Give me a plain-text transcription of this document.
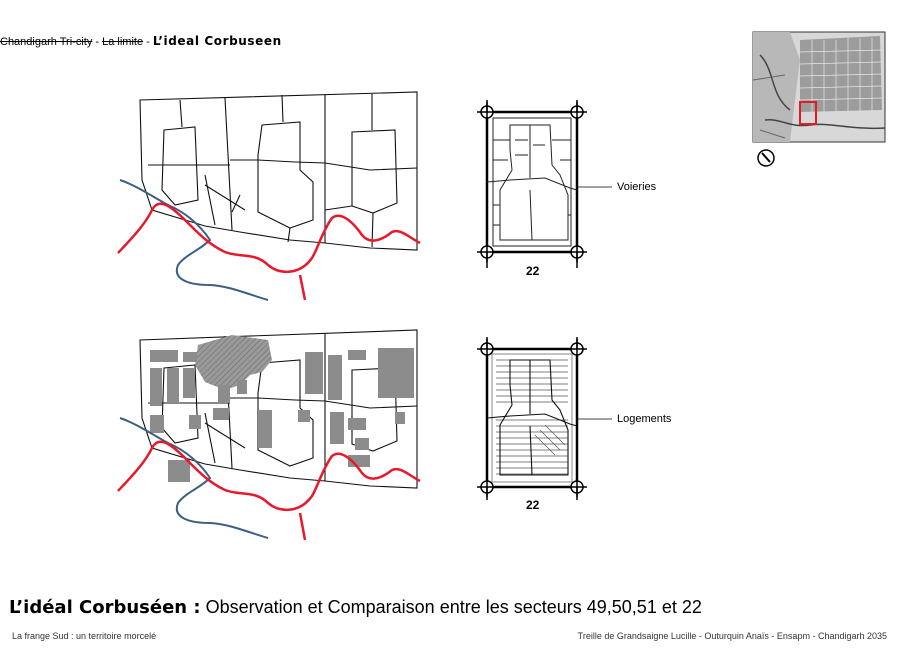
Chandigarh Tri-city - La limite - L’ideal Corbuseen
Voieries
Logements
22
22
L’idéal Corbuséen : Observation et Comparaison entre les secteurs 49,50,51 et 22
La frange Sud : un territoire morcelé	Treille de Grandsaigne Lucille - Outurquin Anaïs - Ensapm - Chandigarh 2035
